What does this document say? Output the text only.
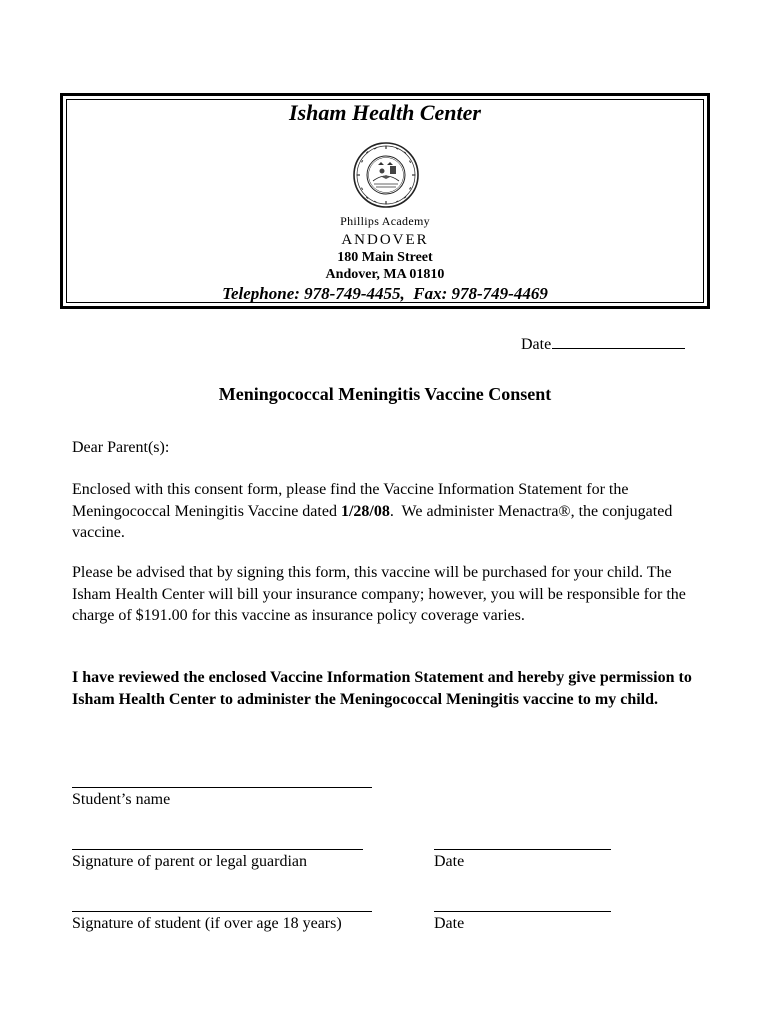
Isham Health Center
Phillips Academy
ANDOVER
180 Main Street
Andover, MA 01810
Telephone: 978-749-4455,  Fax: 978-749-4469
Date
Meningococcal Meningitis Vaccine Consent

Dear Parent(s):

Enclosed with this consent form, please find the Vaccine Information Statement for the Meningococcal Meningitis Vaccine dated 1/28/08.  We administer Menactra®, the conjugated vaccine.

Please be advised that by signing this form, this vaccine will be purchased for your child. The Isham Health Center will bill your insurance company; however, you will be responsible for the charge of $191.00 for this vaccine as insurance policy coverage varies.

I have reviewed the enclosed Vaccine Information Statement and hereby give permission to Isham Health Center to administer the Meningococcal Meningitis vaccine to my child.

Student’s name
Signature of parent or legal guardian	Date
Signature of student (if over age 18 years)	Date
